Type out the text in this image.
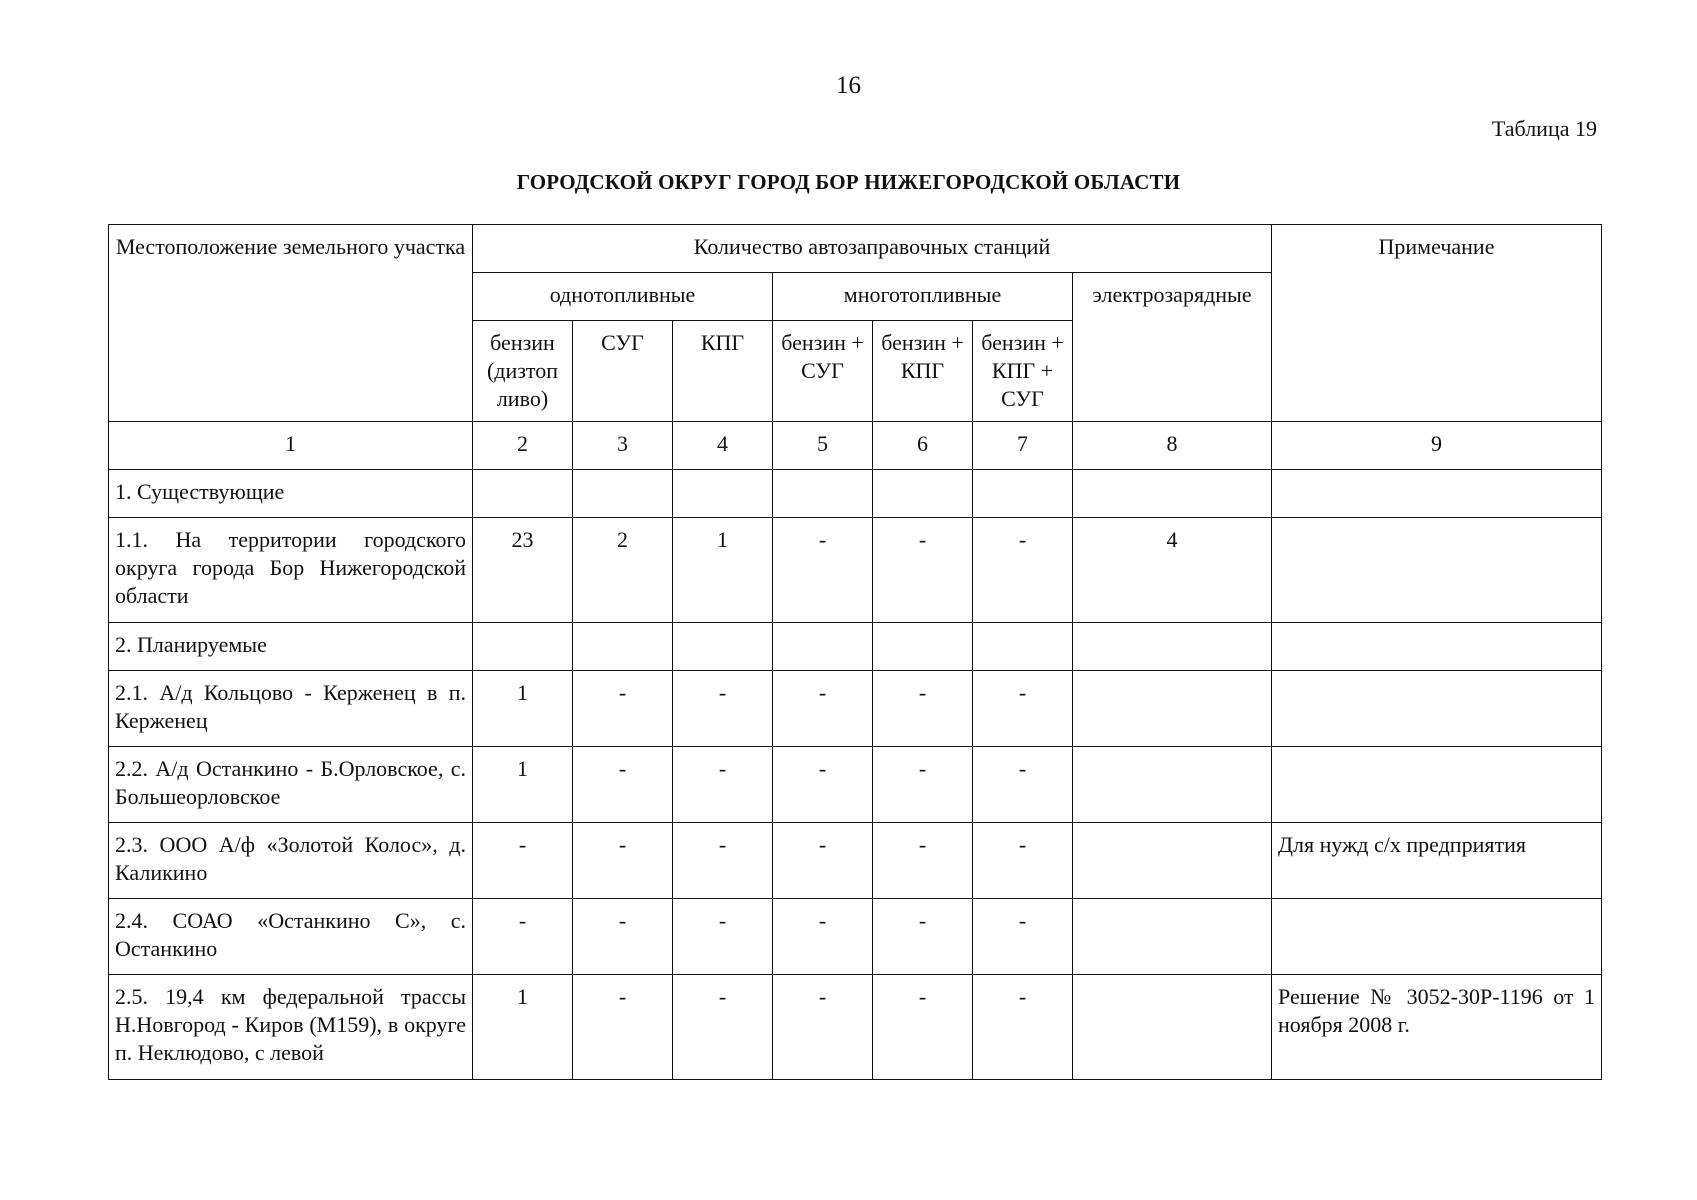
16
Таблица 19
ГОРОДСКОЙ ОКРУГ ГОРОД БОР НИЖЕГОРОДСКОЙ ОБЛАСТИ
Местоположение земельного участка	Количество автозаправочных станций							Примечание
	однотопливные			многотопливные			электрозарядные	
	бензин (дизтоп ливо)	СУГ	КПГ	бензин + СУГ	бензин + КПГ	бензин + КПГ + СУГ		
1	2	3	4	5	6	7	8	9
1. Существующие								
1.1. На территории городского округа города Бор Нижегородской области	23	2	1	-	-	-	4	
2. Планируемые								
2.1. А/д Кольцово - Керженец в п. Керженец	1	-	-	-	-	-		
2.2. А/д Останкино - Б.Орловское, с. Большеорловское	1	-	-	-	-	-		
2.3. ООО А/ф «Золотой Колос», д. Каликино	-	-	-	-	-	-		Для нужд с/х предприятия
2.4. СОАО «Останкино С», с. Останкино	-	-	-	-	-	-		
2.5. 19,4 км федеральной трассы Н.Новгород - Киров (М159), в округе п. Неклюдово, с левой	1	-	-	-	-	-		Решение № 3052-30Р-1196 от 1 ноября 2008 г.
